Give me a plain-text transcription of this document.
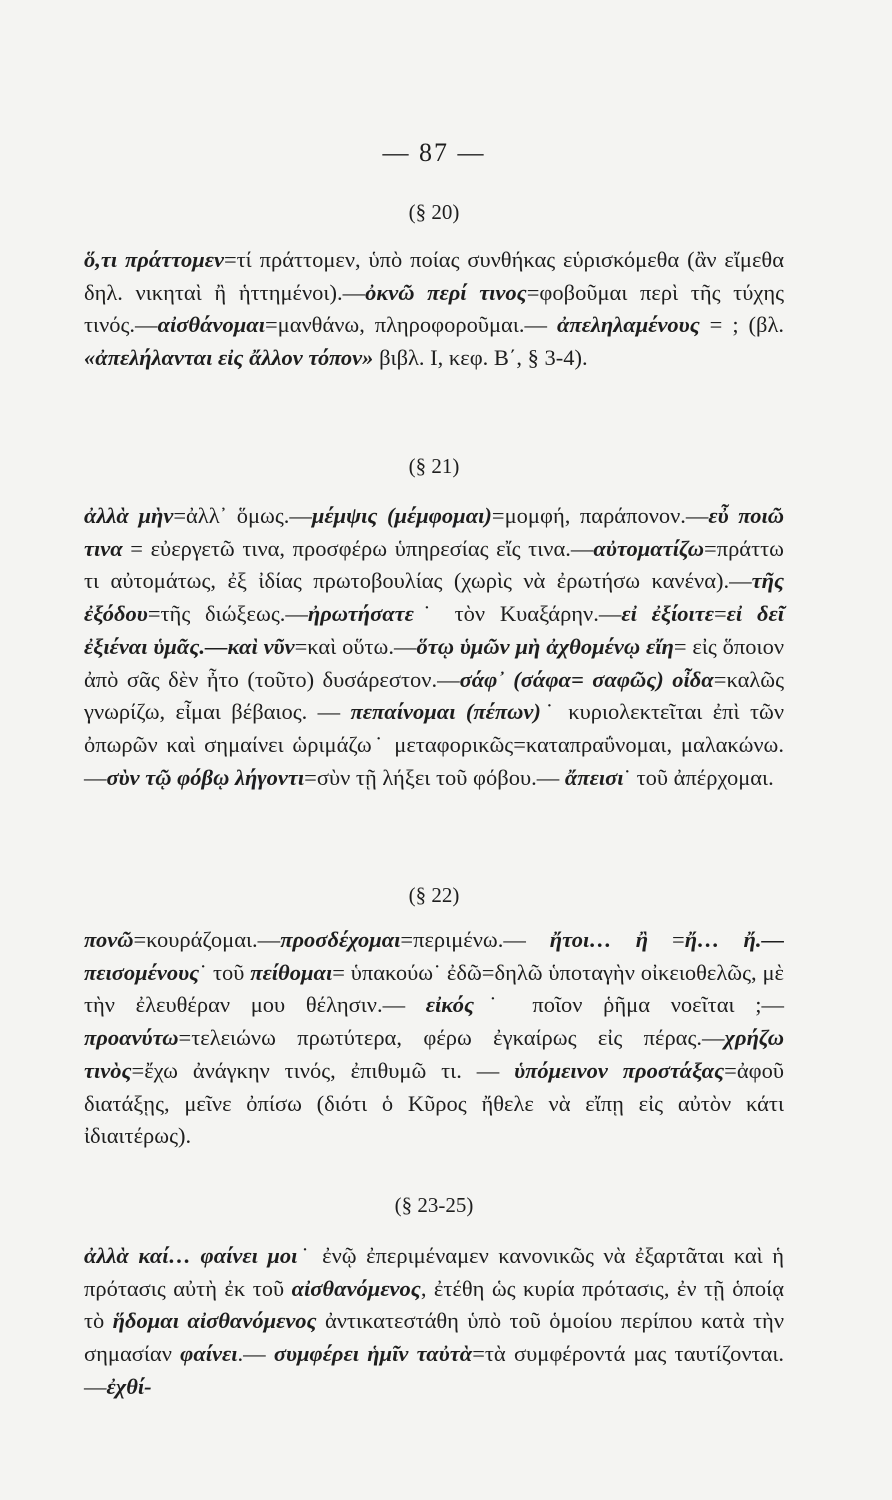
— 87 —
(§ 20)
ὅ,τι πράττομεν=τί πράττομεν, ὑπὸ ποίας συνθήκας εὑρισκόμεθα (ἂν εἴμεθα δηλ. νικηταὶ ἢ ἡττημένοι).—ὀκνῶ περί τινος=φοβοῦμαι περὶ τῆς τύχης τινός.—αἰσθάνομαι=μανθάνω, πληροφοροῦμαι.— ἀπεληλαμένους = ; (βλ. «ἀπελήλανται εἰς ἄλλον τόπον» βιβλ. Ι, κεφ. Β΄, § 3-4).
(§ 21)
ἀλλὰ μὴν=ἀλλ᾽ ὅμως.—μέμψις (μέμφομαι)=μομφή, παράπονον.—εὖ ποιῶ τινα = εὐεργετῶ τινα, προσφέρω ὑπηρεσίας εἴς τινα.—αὐτοματίζω=πράττω τι αὐτομάτως, ἐξ ἰδίας πρωτοβουλίας (χωρὶς νὰ ἐρωτήσω κανένα).—τῆς ἐξόδου=τῆς διώξεως.—ἠρωτήσατε˙ τὸν Κυαξάρην.—εἰ ἐξίοιτε=εἰ δεῖ ἐξιέναι ὑμᾶς.—καὶ νῦν=καὶ οὕτω.—ὅτῳ ὑμῶν μὴ ἀχθομένῳ εἴη= εἰς ὅποιον ἀπὸ σᾶς δὲν ἦτο (τοῦτο) δυσάρεστον.—σάφ᾽ (σάφα= σαφῶς) οἶδα=καλῶς γνωρίζω, εἶμαι βέβαιος. — πεπαίνομαι (πέπων)˙ κυριολεκτεῖται ἐπὶ τῶν ὀπωρῶν καὶ σημαίνει ὡριμάζω˙ μεταφορικῶς=καταπραΰνομαι, μαλακώνω.—σὺν τῷ φόβῳ λήγοντι=σὺν τῇ λήξει τοῦ φόβου.— ἄπεισι˙ τοῦ ἀπέρχομαι.
(§ 22)
πονῶ=κουράζομαι.—προσδέχομαι=περιμένω.— ἤτοι… ἢ =ἤ… ἤ.—πεισομένους˙ τοῦ πείθομαι= ὑπακούω˙ ἐδῶ=δηλῶ ὑποταγὴν οἰκειοθελῶς, μὲ τὴν ἐλευθέραν μου θέλησιν.— εἰκός˙ ποῖον ῥῆμα νοεῖται ;—προανύτω=τελειώνω πρωτύτερα, φέρω ἐγκαίρως εἰς πέρας.—χρήζω τινὸς=ἔχω ἀνάγκην τινός, ἐπιθυμῶ τι. — ὑπόμεινον προστάξας=ἀφοῦ διατάξῃς, μεῖνε ὀπίσω (διότι ὁ Κῦρος ἤθελε νὰ εἴπῃ εἰς αὐτὸν κάτι ἰδιαιτέρως).
(§ 23-25)
ἀλλὰ καί… φαίνει μοι˙ ἐνῷ ἐπεριμέναμεν κανονικῶς νὰ ἐξαρτᾶται καὶ ἡ πρότασις αὐτὴ ἐκ τοῦ αἰσθανόμενος, ἐτέθη ὡς κυρία πρότασις, ἐν τῇ ὁποίᾳ τὸ ἥδομαι αἰσθανόμενος ἀντικατεστάθη ὑπὸ τοῦ ὁμοίου περίπου κατὰ τὴν σημασίαν φαίνει.— συμφέρει ἡμῖν ταὐτὰ=τὰ συμφέροντά μας ταυτίζονται.—ἐχθί-
